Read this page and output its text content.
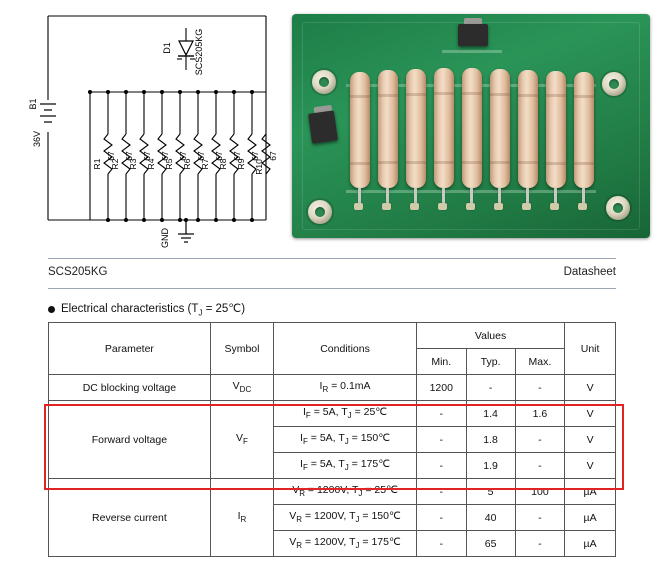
B1
36V
D1 SCS205KG
GND
R1
67
R2
67
R3
67
R4
67
R5
67
R6
67
R7
67
R8
67
R9
67
R10
67
SCS205KG	Datasheet
Electrical characteristics ($T_J$ = 25℃)
Parameter	Symbol	Conditions	Values			Unit
			Min.	Typ.	Max.	
DC blocking voltage	$V_{DC}$	$I_R = 0.1mA$	1200	-	-	V
Forward voltage	$V_F$	$I_F = 5A$, $T_J$ = 25℃	-	1.4	1.6	V
		$I_F = 5A$, $T_J$ = 150℃	-	1.8	-	V
		$I_F = 5A$, $T_J$ = 175℃	-	1.9	-	V
Reverse current	$I_R$	$V_R = 1200V$, $T_J$ = 25℃	-	5	100	µA
		$V_R = 1200V$, $T_J$ = 150℃	-	40	-	µA
		$V_R = 1200V$, $T_J$ = 175℃	-	65	-	µA
